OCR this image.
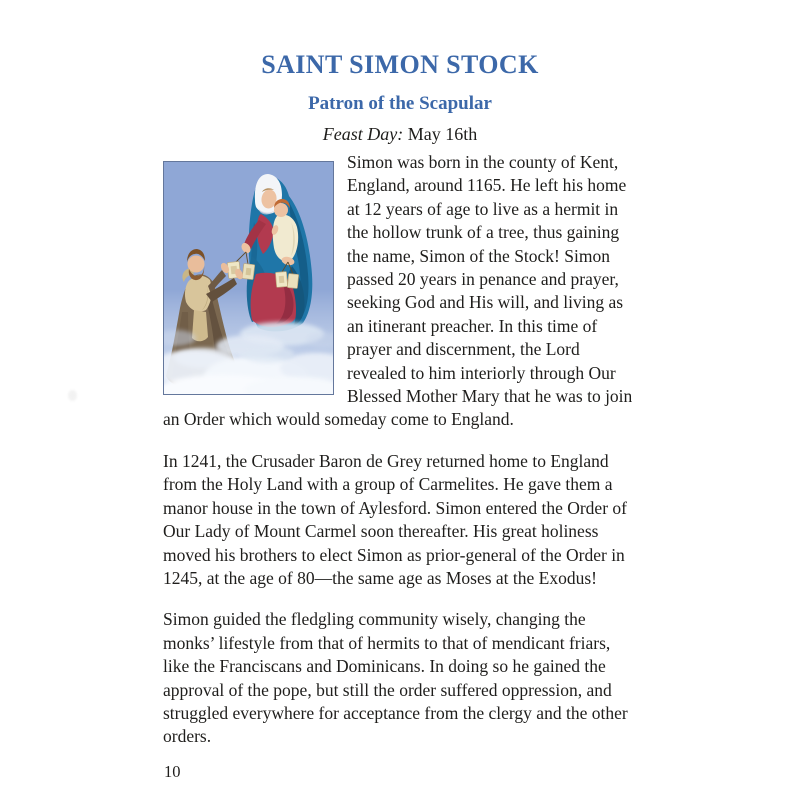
SAINT SIMON STOCK
Patron of the Scapular
Feast Day: May 16th

Simon was born in the county of Kent, England, around 1165. He left his home at 12 years of age to live as a hermit in the hollow trunk of a tree, thus gaining the name, Simon of the Stock! Simon passed 20 years in penance and prayer, seeking God and His will, and living as an itinerant preacher. In this time of prayer and discernment, the Lord revealed to him interiorly through Our Blessed Mother Mary that he was to join an Order which would someday come to England.

In 1241, the Crusader Baron de Grey returned home to England from the Holy Land with a group of Carmelites. He gave them a manor house in the town of Aylesford. Simon entered the Order of Our Lady of Mount Carmel soon thereafter. His great holiness moved his brothers to elect Simon as prior-general of the Order in 1245, at the age of 80—the same age as Moses at the Exodus!

Simon guided the fledgling community wisely, changing the monks’ lifestyle from that of hermits to that of mendicant friars, like the Franciscans and Dominicans. In doing so he gained the approval of the pope, but still the order suffered oppression, and struggled everywhere for acceptance from the clergy and the other orders.

10
